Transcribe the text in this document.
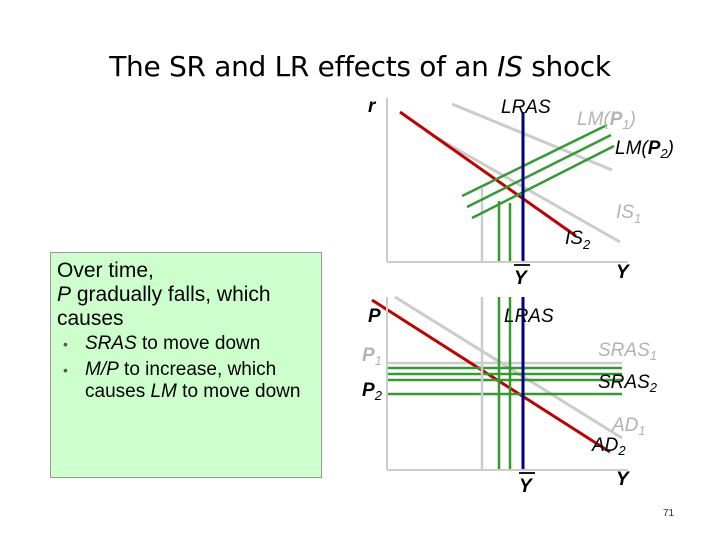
The SR and LR effects of an IS shock
r	LRAS
$LM(P_1)$
$LM(P_2)$
$IS_1$
$IS_2$
Y	Y
P	LRAS
$P_1$
$P_2$
$SRAS_1$
$SRAS_2$
$AD_1$
$AD_2$
Y	Y
Over time,
P gradually falls, which causes
• SRAS to move down
• M/P to increase, which causes LM to move down
71
